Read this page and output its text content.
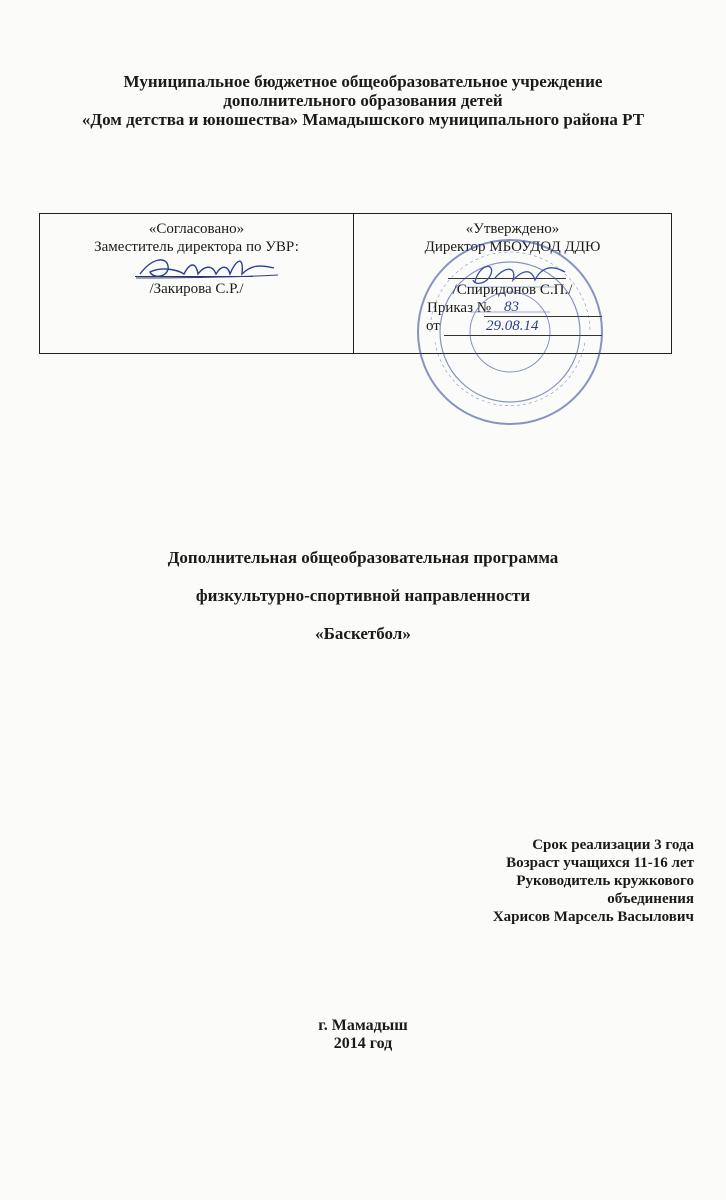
Муниципальное бюджетное общеобразовательное учреждение
дополнительного образования детей
«Дом детства и юношества» Мамадышского муниципального района РТ
«Согласовано»
Заместитель директора по УВР:
/Закирова С.Р./
«Утверждено»
Директор МБОУДОД ДДЮ
/Спиридонов С.П./
Приказ № 83
от	29.08.14
Дополнительная общеобразовательная программа
физкультурно-спортивной направленности
«Баскетбол»
Срок реализации 3 года
Возраст учащихся 11-16 лет
Руководитель кружкового
объединения
Харисов Марсель Васылович
г. Мамадыш
2014 год
